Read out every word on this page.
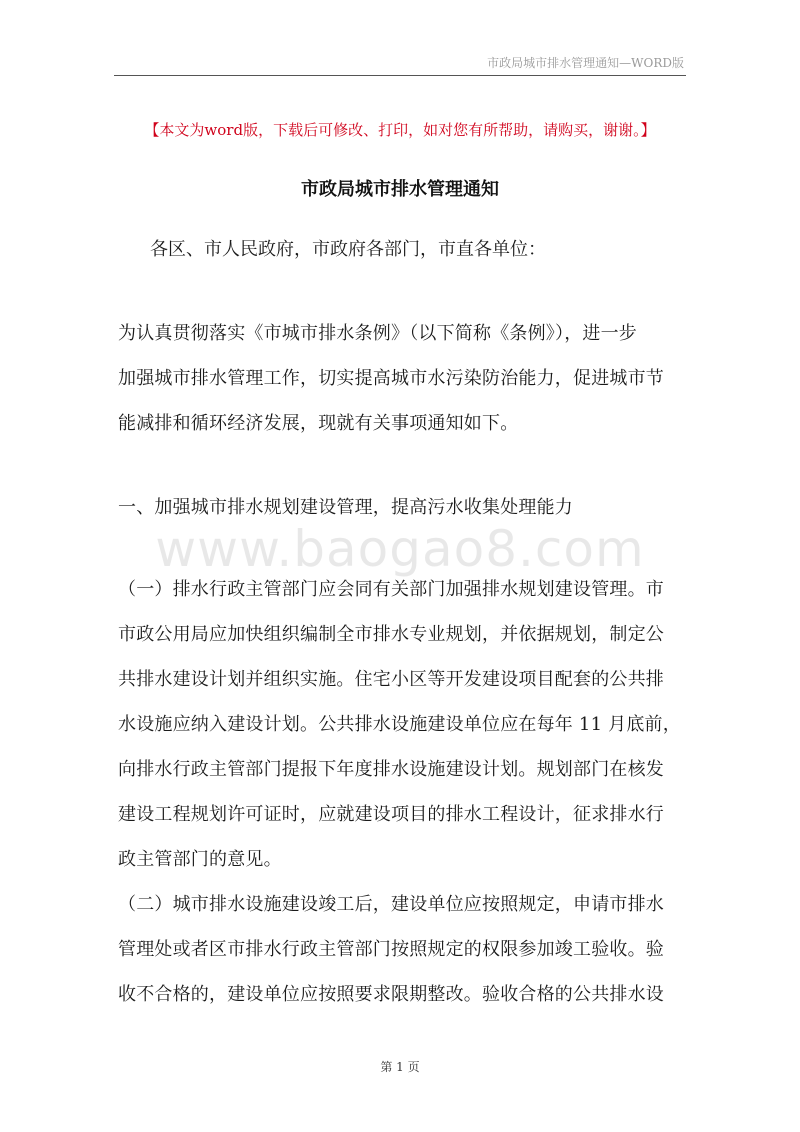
市政局城市排水管理通知—WORD版
【本文为word版，下载后可修改、打印，如对您有所帮助，请购买，谢谢。】
市政局城市排水管理通知
各区、市人民政府，市政府各部门，市直各单位：
为认真贯彻落实《市城市排水条例》（以下简称《条例》），进一步
加强城市排水管理工作，切实提高城市水污染防治能力，促进城市节
能减排和循环经济发展，现就有关事项通知如下。
一、加强城市排水规划建设管理，提高污水收集处理能力
www.baogao8.com
（一）排水行政主管部门应会同有关部门加强排水规划建设管理。市
市政公用局应加快组织编制全市排水专业规划，并依据规划，制定公
共排水建设计划并组织实施。住宅小区等开发建设项目配套的公共排
水设施应纳入建设计划。公共排水设施建设单位应在每年 11 月底前，
向排水行政主管部门提报下年度排水设施建设计划。规划部门在核发
建设工程规划许可证时，应就建设项目的排水工程设计，征求排水行
政主管部门的意见。
（二）城市排水设施建设竣工后，建设单位应按照规定，申请市排水
管理处或者区市排水行政主管部门按照规定的权限参加竣工验收。验
收不合格的，建设单位应按照要求限期整改。验收合格的公共排水设
第 1 页
